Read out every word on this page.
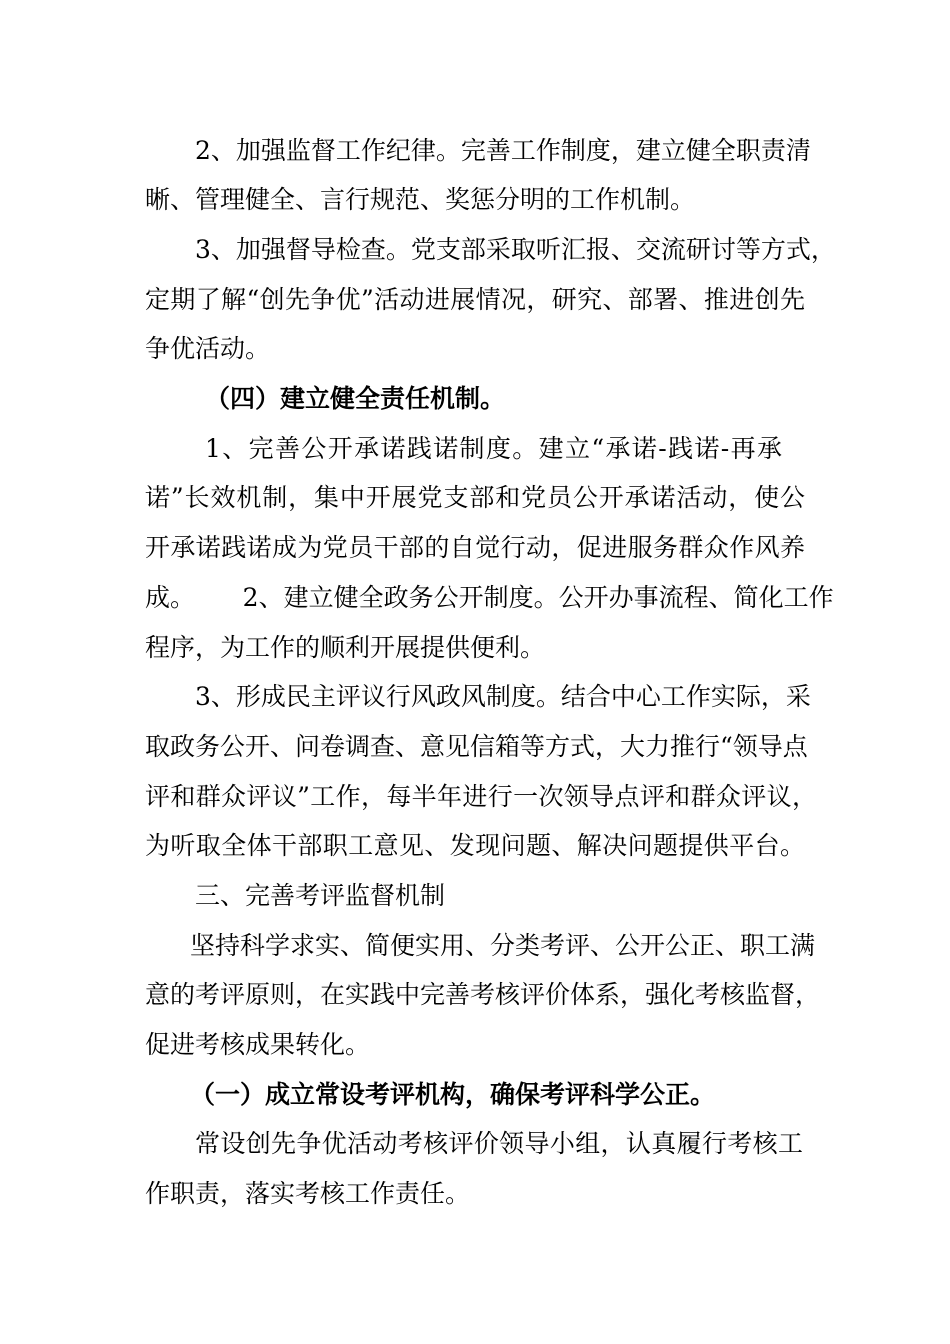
2、加强监督工作纪律。完善工作制度，建立健全职责清
晰、管理健全、言行规范、奖惩分明的工作机制。
3、加强督导检查。党支部采取听汇报、交流研讨等方式，
定期了解“创先争优”活动进展情况，研究、部署、推进创先
争优活动。
（四）建立健全责任机制。
1、完善公开承诺践诺制度。建立“承诺-践诺-再承
诺”长效机制，集中开展党支部和党员公开承诺活动，使公
开承诺践诺成为党员干部的自觉行动，促进服务群众作风养
成。      2、建立健全政务公开制度。公开办事流程、简化工作
程序，为工作的顺利开展提供便利。
3、形成民主评议行风政风制度。结合中心工作实际，采
取政务公开、问卷调查、意见信箱等方式，大力推行“领导点
评和群众评议”工作，每半年进行一次领导点评和群众评议，
为听取全体干部职工意见、发现问题、解决问题提供平台。
三、完善考评监督机制
坚持科学求实、简便实用、分类考评、公开公正、职工满
意的考评原则，在实践中完善考核评价体系，强化考核监督，
促进考核成果转化。
（一）成立常设考评机构，确保考评科学公正。
常设创先争优活动考核评价领导小组，认真履行考核工
作职责，落实考核工作责任。
